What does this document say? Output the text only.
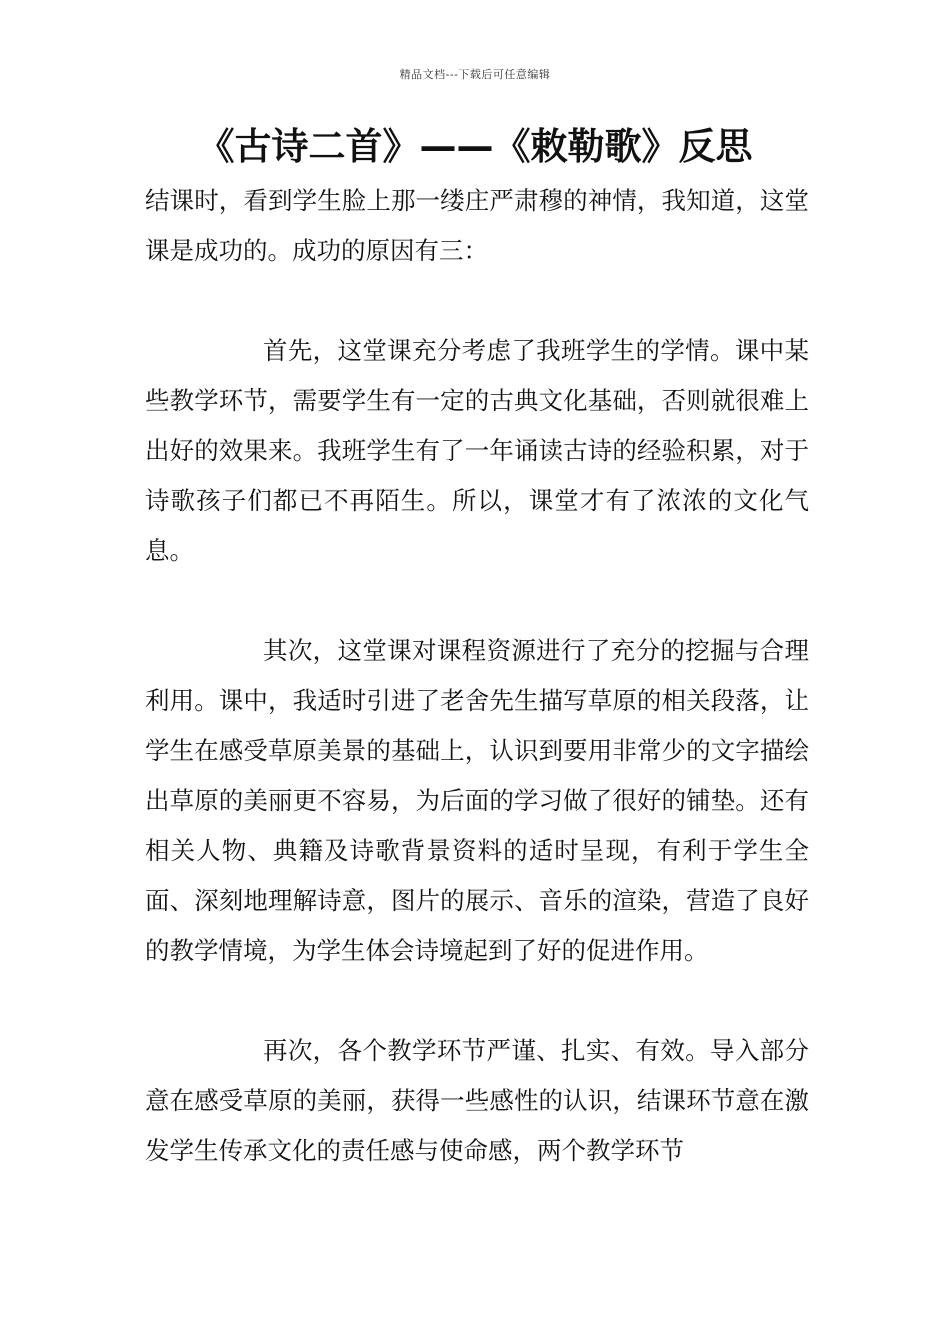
精品文档---下载后可任意编辑
《古诗二首》——《敕勒歌》反思

结课时，看到学生脸上那一缕庄严肃穆的神情，我知道，这堂课是成功的。成功的原因有三：

首先，这堂课充分考虑了我班学生的学情。课中某些教学环节，需要学生有一定的古典文化基础，否则就很难上出好的效果来。我班学生有了一年诵读古诗的经验积累，对于诗歌孩子们都已不再陌生。所以，课堂才有了浓浓的文化气息。

其次，这堂课对课程资源进行了充分的挖掘与合理利用。课中，我适时引进了老舍先生描写草原的相关段落，让学生在感受草原美景的基础上，认识到要用非常少的文字描绘出草原的美丽更不容易，为后面的学习做了很好的铺垫。还有相关人物、典籍及诗歌背景资料的适时呈现，有利于学生全面、深刻地理解诗意，图片的展示、音乐的渲染，营造了良好的教学情境，为学生体会诗境起到了好的促进作用。

再次，各个教学环节严谨、扎实、有效。导入部分意在感受草原的美丽，获得一些感性的认识，结课环节意在激发学生传承文化的责任感与使命感，两个教学环节
